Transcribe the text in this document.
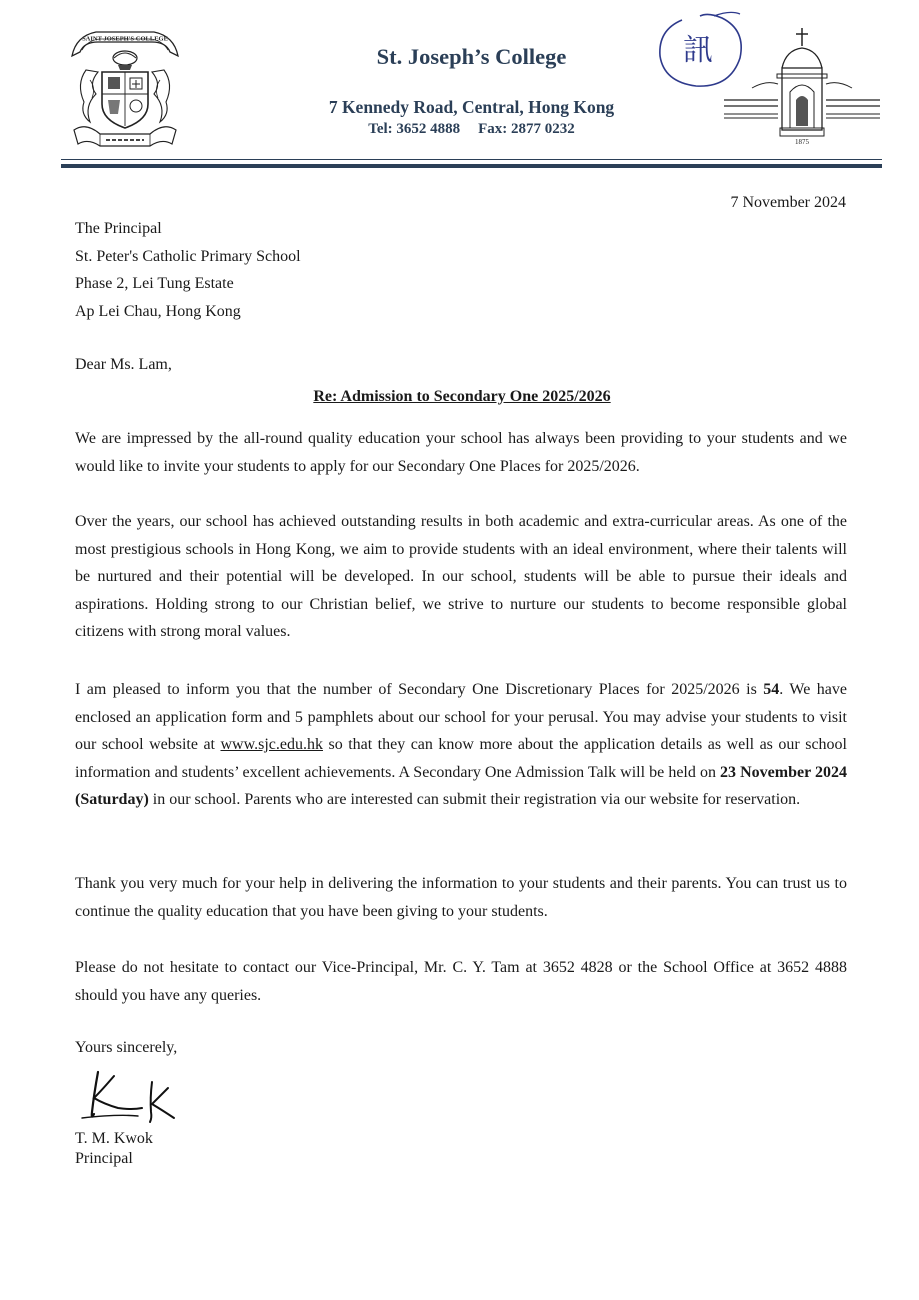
SAINT JOSEPH'S COLLEGE
St. Joseph’s College
7 Kennedy Road, Central, Hong Kong
Tel: 3652 4888 Fax: 2877 0232
訊
1875
7 November 2024
The Principal
St. Peter's Catholic Primary School
Phase 2, Lei Tung Estate
Ap Lei Chau, Hong Kong
Dear Ms. Lam,
Re: Admission to Secondary One 2025/2026
We are impressed by the all-round quality education your school has always been providing to your students and we would like to invite your students to apply for our Secondary One Places for 2025/2026.
Over the years, our school has achieved outstanding results in both academic and extra-curricular areas. As one of the most prestigious schools in Hong Kong, we aim to provide students with an ideal environment, where their talents will be nurtured and their potential will be developed. In our school, students will be able to pursue their ideals and aspirations. Holding strong to our Christian belief, we strive to nurture our students to become responsible global citizens with strong moral values.
I am pleased to inform you that the number of Secondary One Discretionary Places for 2025/2026 is 54. We have enclosed an application form and 5 pamphlets about our school for your perusal. You may advise your students to visit our school website at www.sjc.edu.hk so that they can know more about the application details as well as our school information and students’ excellent achievements. A Secondary One Admission Talk will be held on 23 November 2024 (Saturday) in our school. Parents who are interested can submit their registration via our website for reservation.
Thank you very much for your help in delivering the information to your students and their parents. You can trust us to continue the quality education that you have been giving to your students.
Please do not hesitate to contact our Vice-Principal, Mr. C. Y. Tam at 3652 4828 or the School Office at 3652 4888 should you have any queries.
Yours sincerely,
T. M. Kwok
Principal
